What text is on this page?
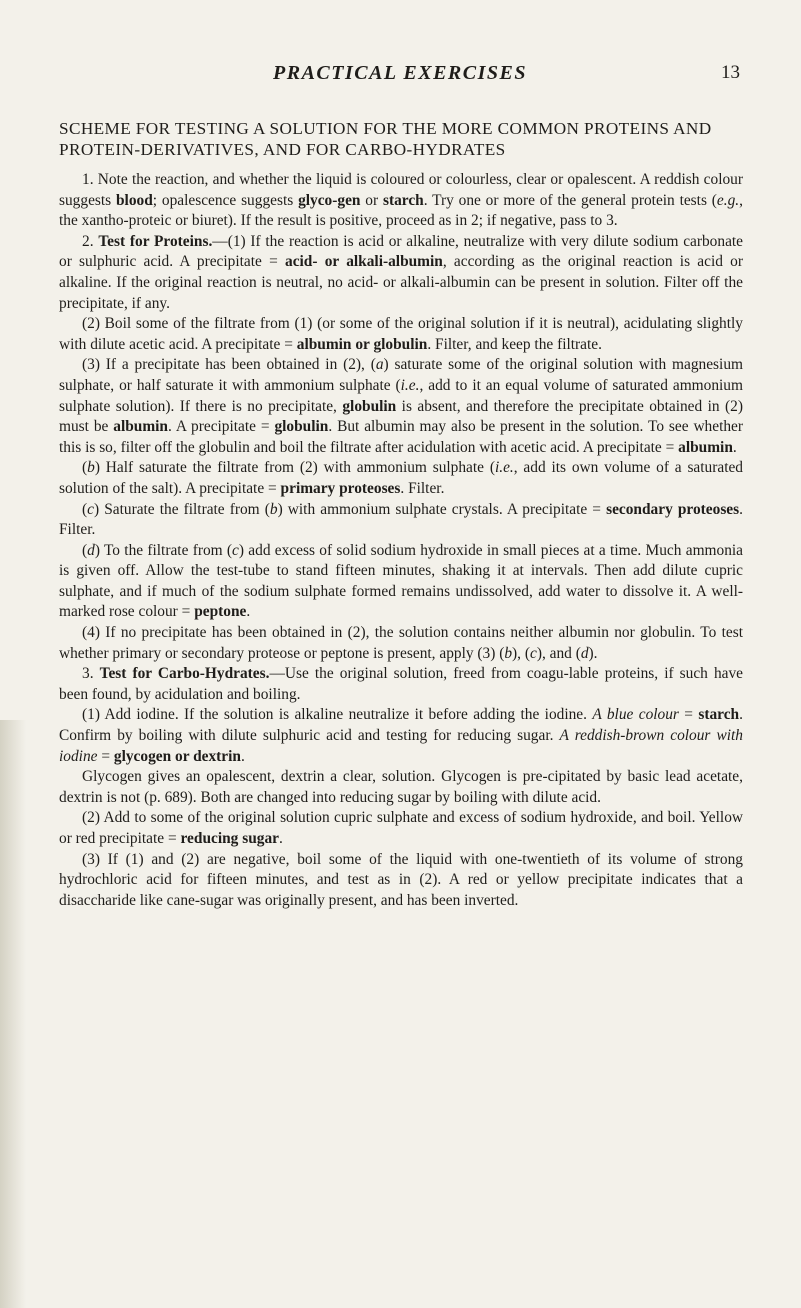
PRACTICAL EXERCISES	13
SCHEME FOR TESTING A SOLUTION FOR THE MORE COMMON PROTEINS AND PROTEIN-DERIVATIVES, AND FOR CARBO-HYDRATES

1. Note the reaction, and whether the liquid is coloured or colourless, clear or opalescent. A reddish colour suggests blood; opalescence suggests glyco-gen or starch. Try one or more of the general protein tests (e.g., the xantho-proteic or biuret). If the result is positive, proceed as in 2; if negative, pass to 3.

2. Test for Proteins.—(1) If the reaction is acid or alkaline, neutralize with very dilute sodium carbonate or sulphuric acid. A precipitate = acid- or alkali-albumin, according as the original reaction is acid or alkaline. If the original reaction is neutral, no acid- or alkali-albumin can be present in solution. Filter off the precipitate, if any.

(2) Boil some of the filtrate from (1) (or some of the original solution if it is neutral), acidulating slightly with dilute acetic acid. A precipitate = albumin or globulin. Filter, and keep the filtrate.

(3) If a precipitate has been obtained in (2), (a) saturate some of the original solution with magnesium sulphate, or half saturate it with ammonium sulphate (i.e., add to it an equal volume of saturated ammonium sulphate solution). If there is no precipitate, globulin is absent, and therefore the precipitate obtained in (2) must be albumin. A precipitate = globulin. But albumin may also be present in the solution. To see whether this is so, filter off the globulin and boil the filtrate after acidulation with acetic acid. A precipitate = albumin.

(b) Half saturate the filtrate from (2) with ammonium sulphate (i.e., add its own volume of a saturated solution of the salt). A precipitate = primary proteoses. Filter.

(c) Saturate the filtrate from (b) with ammonium sulphate crystals. A precipitate = secondary proteoses. Filter.

(d) To the filtrate from (c) add excess of solid sodium hydroxide in small pieces at a time. Much ammonia is given off. Allow the test-tube to stand fifteen minutes, shaking it at intervals. Then add dilute cupric sulphate, and if much of the sodium sulphate formed remains undissolved, add water to dissolve it. A well-marked rose colour = peptone.

(4) If no precipitate has been obtained in (2), the solution contains neither albumin nor globulin. To test whether primary or secondary proteose or peptone is present, apply (3) (b), (c), and (d).

3. Test for Carbo-Hydrates.—Use the original solution, freed from coagu-lable proteins, if such have been found, by acidulation and boiling.

(1) Add iodine. If the solution is alkaline neutralize it before adding the iodine. A blue colour = starch. Confirm by boiling with dilute sulphuric acid and testing for reducing sugar. A reddish-brown colour with iodine = glycogen or dextrin.

Glycogen gives an opalescent, dextrin a clear, solution. Glycogen is pre-cipitated by basic lead acetate, dextrin is not (p. 689). Both are changed into reducing sugar by boiling with dilute acid.

(2) Add to some of the original solution cupric sulphate and excess of sodium hydroxide, and boil. Yellow or red precipitate = reducing sugar.

(3) If (1) and (2) are negative, boil some of the liquid with one-twentieth of its volume of strong hydrochloric acid for fifteen minutes, and test as in (2). A red or yellow precipitate indicates that a disaccharide like cane-sugar was originally present, and has been inverted.
